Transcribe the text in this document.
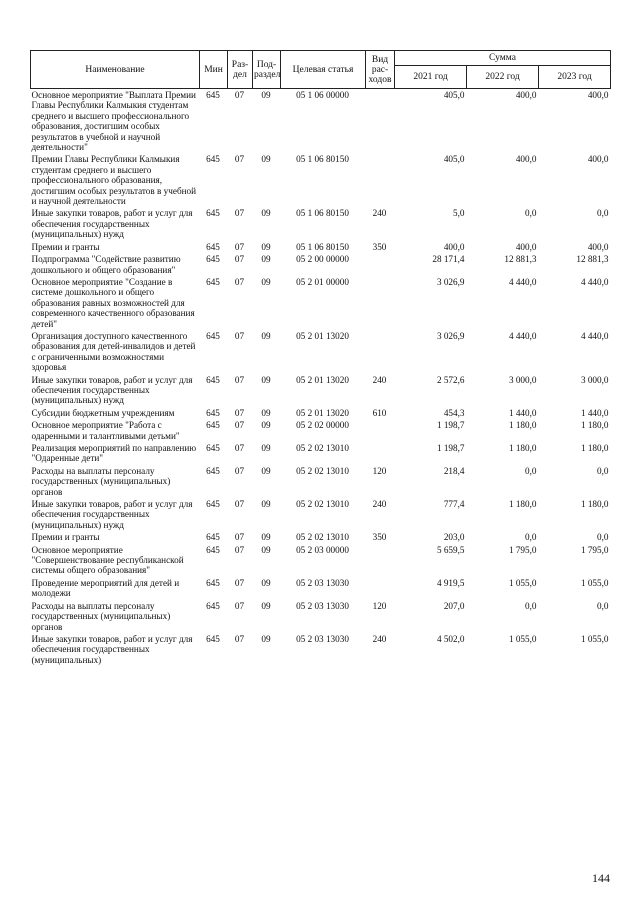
Наименование	Мин	Раз-дел	Под-раздел	Целевая статья	Вид рас-ходов	Сумма		
						2021 год	2022 год	2023 год
Основное мероприятие "Выплата Премии Главы Республики Калмыкия студентам среднего и высшего профессионального образования, достигшим особых результатов в учебной и научной деятельности"	645	07	09	05 1 06 00000		405,0	400,0	400,0
Премии Главы Республики Калмыкия студентам среднего и высшего профессионального образования, достигшим особых результатов в учебной и научной деятельности	645	07	09	05 1 06 80150		405,0	400,0	400,0
Иные закупки товаров, работ и услуг для обеспечения государственных (муниципальных) нужд	645	07	09	05 1 06 80150	240	5,0	0,0	0,0
Премии и гранты	645	07	09	05 1 06 80150	350	400,0	400,0	400,0
Подпрограмма "Содействие развитию дошкольного и общего образования"	645	07	09	05 2 00 00000		28 171,4	12 881,3	12 881,3
Основное мероприятие "Создание в системе дошкольного и общего образования равных возможностей для современного качественного образования детей"	645	07	09	05 2 01 00000		3 026,9	4 440,0	4 440,0
Организация доступного качественного образования для детей-инвалидов и детей с ограниченными возможностями здоровья	645	07	09	05 2 01 13020		3 026,9	4 440,0	4 440,0
Иные закупки товаров, работ и услуг для обеспечения государственных (муниципальных) нужд	645	07	09	05 2 01 13020	240	2 572,6	3 000,0	3 000,0
Субсидии бюджетным учреждениям	645	07	09	05 2 01 13020	610	454,3	1 440,0	1 440,0
Основное мероприятие "Работа с одаренными и талантливыми детьми"	645	07	09	05 2 02 00000		1 198,7	1 180,0	1 180,0
Реализация мероприятий по направлению "Одаренные дети"	645	07	09	05 2 02 13010		1 198,7	1 180,0	1 180,0
Расходы на выплаты персоналу государственных (муниципальных) органов	645	07	09	05 2 02 13010	120	218,4	0,0	0,0
Иные закупки товаров, работ и услуг для обеспечения государственных (муниципальных) нужд	645	07	09	05 2 02 13010	240	777,4	1 180,0	1 180,0
Премии и гранты	645	07	09	05 2 02 13010	350	203,0	0,0	0,0
Основное мероприятие "Совершенствование республиканской системы общего образования"	645	07	09	05 2 03 00000		5 659,5	1 795,0	1 795,0
Проведение мероприятий для детей и молодежи	645	07	09	05 2 03 13030		4 919,5	1 055,0	1 055,0
Расходы на выплаты персоналу государственных (муниципальных) органов	645	07	09	05 2 03 13030	120	207,0	0,0	0,0
Иные закупки товаров, работ и услуг для обеспечения государственных (муниципальных)	645	07	09	05 2 03 13030	240	4 502,0	1 055,0	1 055,0
144
